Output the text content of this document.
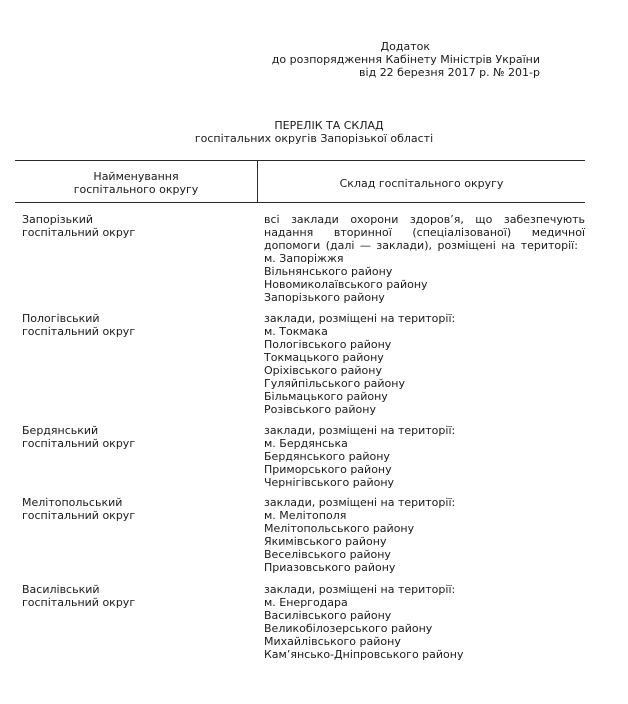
Додаток
до розпорядження Кабінету Міністрів України
від 22 березня 2017 р. № 201-р
ПЕРЕЛІК ТА СКЛАД
госпітальних округів Запорізької області
Найменування
госпітального округу	Склад госпітального округу
Запорізький
госпітальний округ
всі заклади охорони здоров’я, що забезпечують надання вторинної (спеціалізованої) медичної допомоги (далі — заклади), розміщені на території:
м. Запоріжжя
Вільнянського району
Новомиколаївського району
Запорізького району
Пологівський
госпітальний округ
заклади, розміщені на території:
м. Токмака
Пологівського району
Токмацького району
Оріхівського району
Гуляйпільського району
Більмацького району
Розівського району
Бердянський
госпітальний округ
заклади, розміщені на території:
м. Бердянська
Бердянського району
Приморського району
Чернігівського району
Мелітопольський
госпітальний округ
заклади, розміщені на території:
м. Мелітополя
Мелітопольського району
Якимівського району
Веселівського району
Приазовського району
Василівський
госпітальний округ
заклади, розміщені на території:
м. Енергодара
Василівського району
Великобілозерського району
Михайлівського району
Кам’янсько-Дніпровського району
